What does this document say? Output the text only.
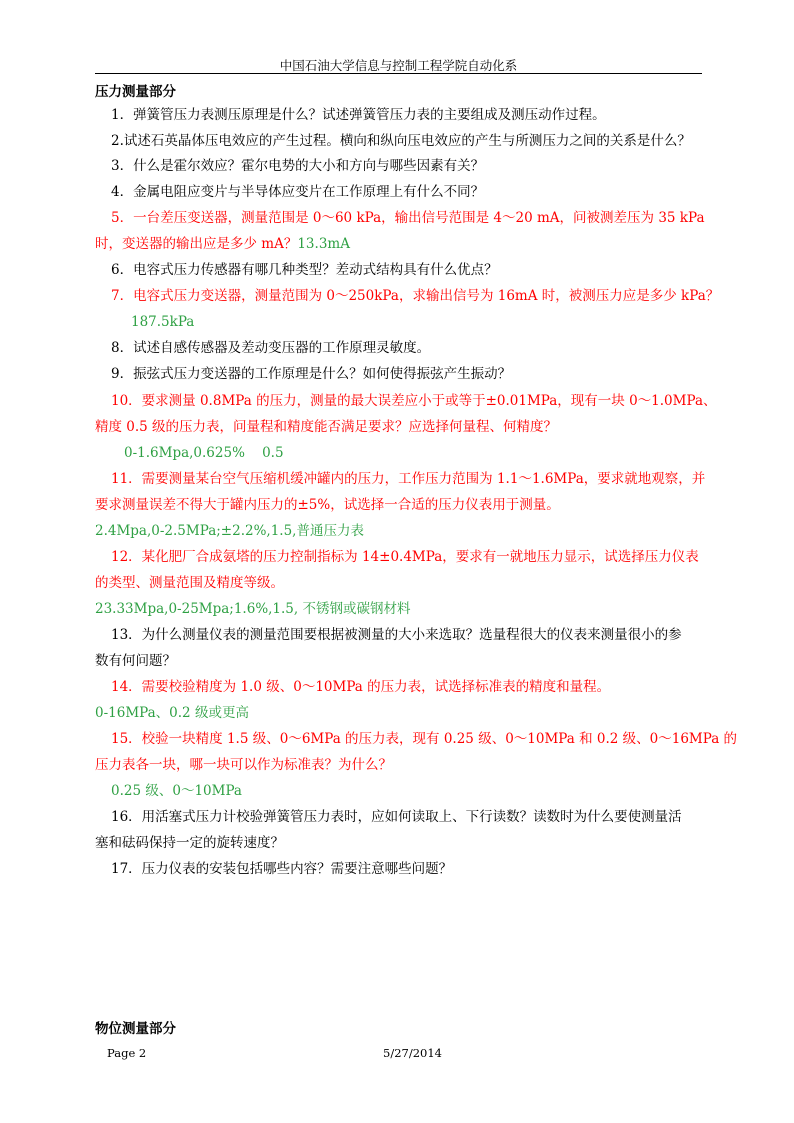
中国石油大学信息与控制工程学院自动化系
压力测量部分
1．弹簧管压力表测压原理是什么？试述弹簧管压力表的主要组成及测压动作过程。
2.试述石英晶体压电效应的产生过程。横向和纵向压电效应的产生与所测压力之间的关系是什么？
3．什么是霍尔效应？霍尔电势的大小和方向与哪些因素有关？
4．金属电阻应变片与半导体应变片在工作原理上有什么不同？
5．一台差压变送器，测量范围是 0～60 kPa，输出信号范围是 4～20 mA，问被测差压为 35 kPa
时，变送器的输出应是多少 mA？13.3mA
6．电容式压力传感器有哪几种类型？差动式结构具有什么优点？
7．电容式压力变送器，测量范围为 0～250kPa，求输出信号为 16mA 时，被测压力应是多少 kPa？
187.5kPa
8．试述自感传感器及差动变压器的工作原理灵敏度。
9．振弦式压力变送器的工作原理是什么？如何使得振弦产生振动？
10．要求测量 0.8MPa 的压力，测量的最大误差应小于或等于±0.01MPa，现有一块 0～1.0MPa、
精度 0.5 级的压力表，问量程和精度能否满足要求？应选择何量程、何精度？
0-1.6Mpa,0.625%    0.5
11．需要测量某台空气压缩机缓冲罐内的压力，工作压力范围为 1.1～1.6MPa，要求就地观察，并
要求测量误差不得大于罐内压力的±5%，试选择一合适的压力仪表用于测量。
2.4Mpa,0-2.5MPa;±2.2%,1.5,普通压力表
12．某化肥厂合成氨塔的压力控制指标为 14±0.4MPa，要求有一就地压力显示，试选择压力仪表
的类型、测量范围及精度等级。
23.33Mpa,0-25Mpa;1.6%,1.5, 不锈钢或碳钢材料
13．为什么测量仪表的测量范围要根据被测量的大小来选取？选量程很大的仪表来测量很小的参
数有何问题？
14．需要校验精度为 1.0 级、0～10MPa 的压力表，试选择标准表的精度和量程。
0-16MPa、0.2 级或更高
15．校验一块精度 1.5 级、0～6MPa 的压力表，现有 0.25 级、0～10MPa 和 0.2 级、0～16MPa 的
压力表各一块，哪一块可以作为标准表？为什么？
0.25 级、0～10MPa
16．用活塞式压力计校验弹簧管压力表时，应如何读取上、下行读数？读数时为什么要使测量活
塞和砝码保持一定的旋转速度？
17．压力仪表的安装包括哪些内容？需要注意哪些问题？
物位测量部分
Page 2	5/27/2014
